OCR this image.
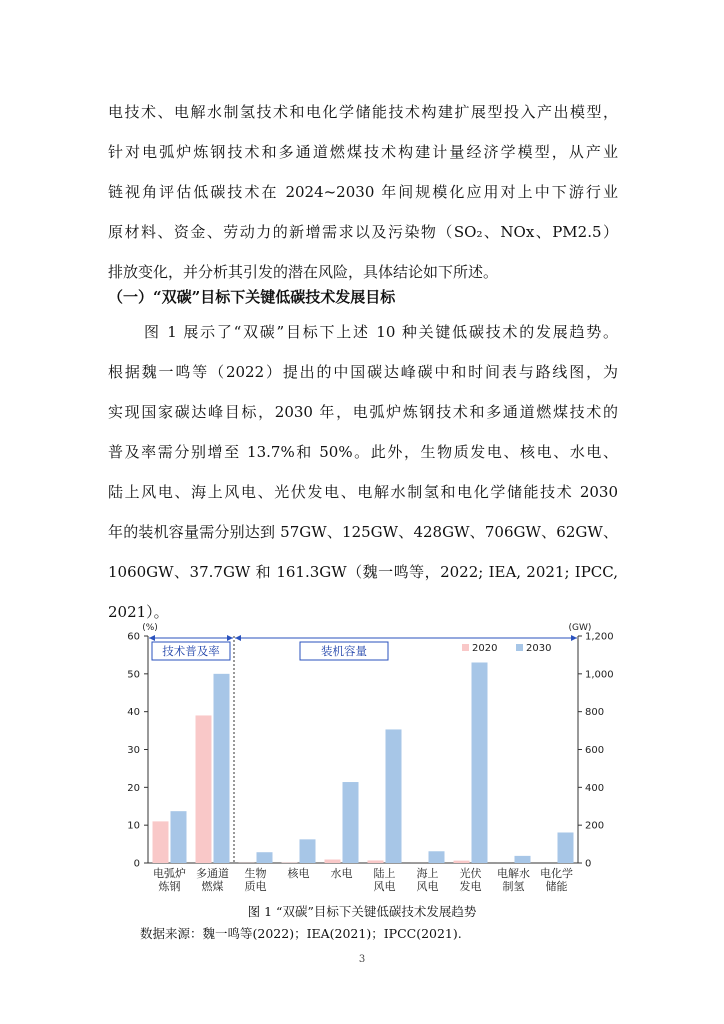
电技术、电解水制氢技术和电化学储能技术构建扩展型投入产出模型，
针对电弧炉炼钢技术和多通道燃煤技术构建计量经济学模型，从产业
链视角评估低碳技术在 2024~2030 年间规模化应用对上中下游行业
原材料、资金、劳动力的新增需求以及污染物（SO₂、NOx、PM2.5）
排放变化，并分析其引发的潜在风险，具体结论如下所述。
（一）“双碳”目标下关键低碳技术发展目标
图 1 展示了“双碳”目标下上述 10 种关键低碳技术的发展趋势。
根据魏一鸣等（2022）提出的中国碳达峰碳中和时间表与路线图，为
实现国家碳达峰目标，2030 年，电弧炉炼钢技术和多通道燃煤技术的
普及率需分别增至 13.7%和 50%。此外，生物质发电、核电、水电、
陆上风电、海上风电、光伏发电、电解水制氢和电化学储能技术 2030
年的装机容量需分别达到 57GW、125GW、428GW、706GW、62GW、
1060GW、37.7GW 和 161.3GW（魏一鸣等，2022; IEA, 2021; IPCC,
2021）。
0
10
20
30
40
50
60
0
200
400
600
800
1,000
1,200
(%)	(GW)
电弧炉
炼钢
多通道
燃煤
生物
质电
核电 水电 陆上
风电
海上
风电
光伏
发电
电解水
制氢
电化学
储能
技术普及率	装机容量	2020	2030
图 1 “双碳”目标下关键低碳技术发展趋势
数据来源：魏一鸣等(2022)；IEA(2021)；IPCC(2021).
3
